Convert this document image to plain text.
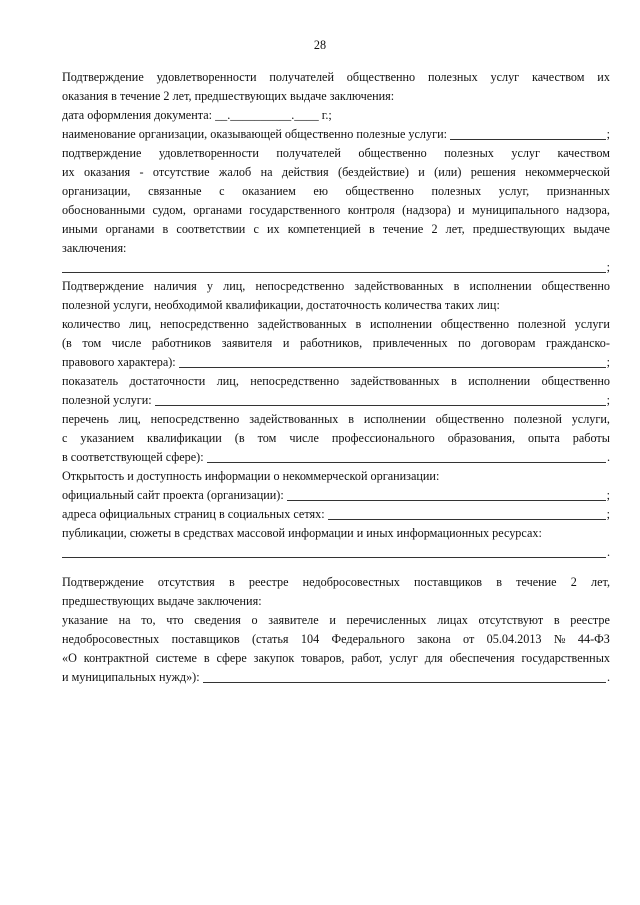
28
Подтверждение удовлетворенности получателей общественно полезных услуг качеством их
оказания в течение 2 лет, предшествующих выдаче заключения:
дата оформления документа:
__.__________.____ г.;
наименование организации, оказывающей общественно полезные услуги:	;
подтверждение удовлетворенности получателей общественно полезных услуг качеством
их оказания - отсутствие жалоб на действия (бездействие) и (или) решения некоммерческой
организации, связанные с оказанием ею общественно полезных услуг, признанных
обоснованными судом, органами государственного контроля (надзора) и муниципального надзора,
иными органами в соответствии с их компетенцией в течение 2 лет, предшествующих выдаче
заключения:
;
Подтверждение наличия у лиц, непосредственно задействованных в исполнении общественно
полезной услуги, необходимой квалификации, достаточность количества таких лиц:
количество лиц, непосредственно задействованных в исполнении общественно полезной услуги
(в том числе работников заявителя и работников, привлеченных по договорам гражданско-
правового характера):	;
показатель достаточности лиц, непосредственно задействованных в исполнении общественно
полезной услуги:	;
перечень лиц, непосредственно задействованных в исполнении общественно полезной услуги,
с указанием квалификации (в том числе профессионального образования, опыта работы
в соответствующей сфере):	.
Открытость и доступность информации о некоммерческой организации:
официальный сайт проекта (организации):	;
адреса официальных страниц в социальных сетях:	;
публикации, сюжеты в средствах массовой информации и иных информационных ресурсах:
.
Подтверждение отсутствия в реестре недобросовестных поставщиков в течение 2 лет,
предшествующих выдаче заключения:
указание на то, что сведения о заявителе и перечисленных лицах отсутствуют в реестре
недобросовестных поставщиков (статья 104 Федерального закона от 05.04.2013 № 44-ФЗ
«О контрактной системе в сфере закупок товаров, работ, услуг для обеспечения государственных
и муниципальных нужд»):	.
